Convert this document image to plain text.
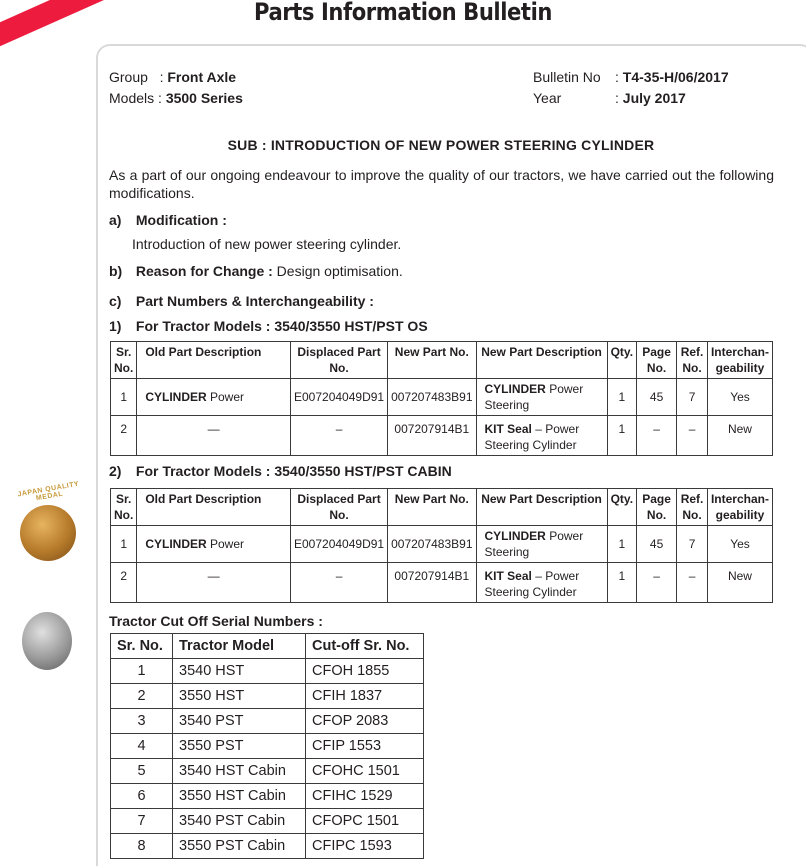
Parts Information Bulletin
JAPAN QUALITY MEDAL
Group   : Front Axle
Models : 3500 Series
Bulletin No : T4-35-H/06/2017
Year	: July 2017
SUB : INTRODUCTION OF NEW POWER STEERING CYLINDER
As a part of our ongoing endeavour to improve the quality of our tractors, we have carried out the following modifications.
a) Modification :
Introduction of new power steering cylinder.
b) Reason for Change : Design optimisation.
c) Part Numbers & Interchangeability :
1) For Tractor Models : 3540/3550 HST/PST OS
Sr. No.	Old Part Description	Displaced Part No.	New Part No.	New Part Description	Qty.	Page No.	Ref. No.	Interchan-geability
1	CYLINDER Power	E007204049D91	007207483B91	CYLINDER Power Steering	1	45	7	Yes
2	—	–	007207914B1	KIT Seal – Power Steering Cylinder	1	–	–	New
2) For Tractor Models : 3540/3550 HST/PST CABIN
Sr. No.	Old Part Description	Displaced Part No.	New Part No.	New Part Description	Qty.	Page No.	Ref. No.	Interchan-geability
1	CYLINDER Power	E007204049D91	007207483B91	CYLINDER Power Steering	1	45	7	Yes
2	—	–	007207914B1	KIT Seal – Power Steering Cylinder	1	–	–	New
Tractor Cut Off Serial Numbers :
Sr. No.	Tractor Model	Cut-off Sr. No.
1	3540 HST	CFOH 1855
2	3550 HST	CFIH 1837
3	3540 PST	CFOP 2083
4	3550 PST	CFIP 1553
5	3540 HST Cabin	CFOHC 1501
6	3550 HST Cabin	CFIHC 1529
7	3540 PST Cabin	CFOPC 1501
8	3550 PST Cabin	CFIPC 1593
